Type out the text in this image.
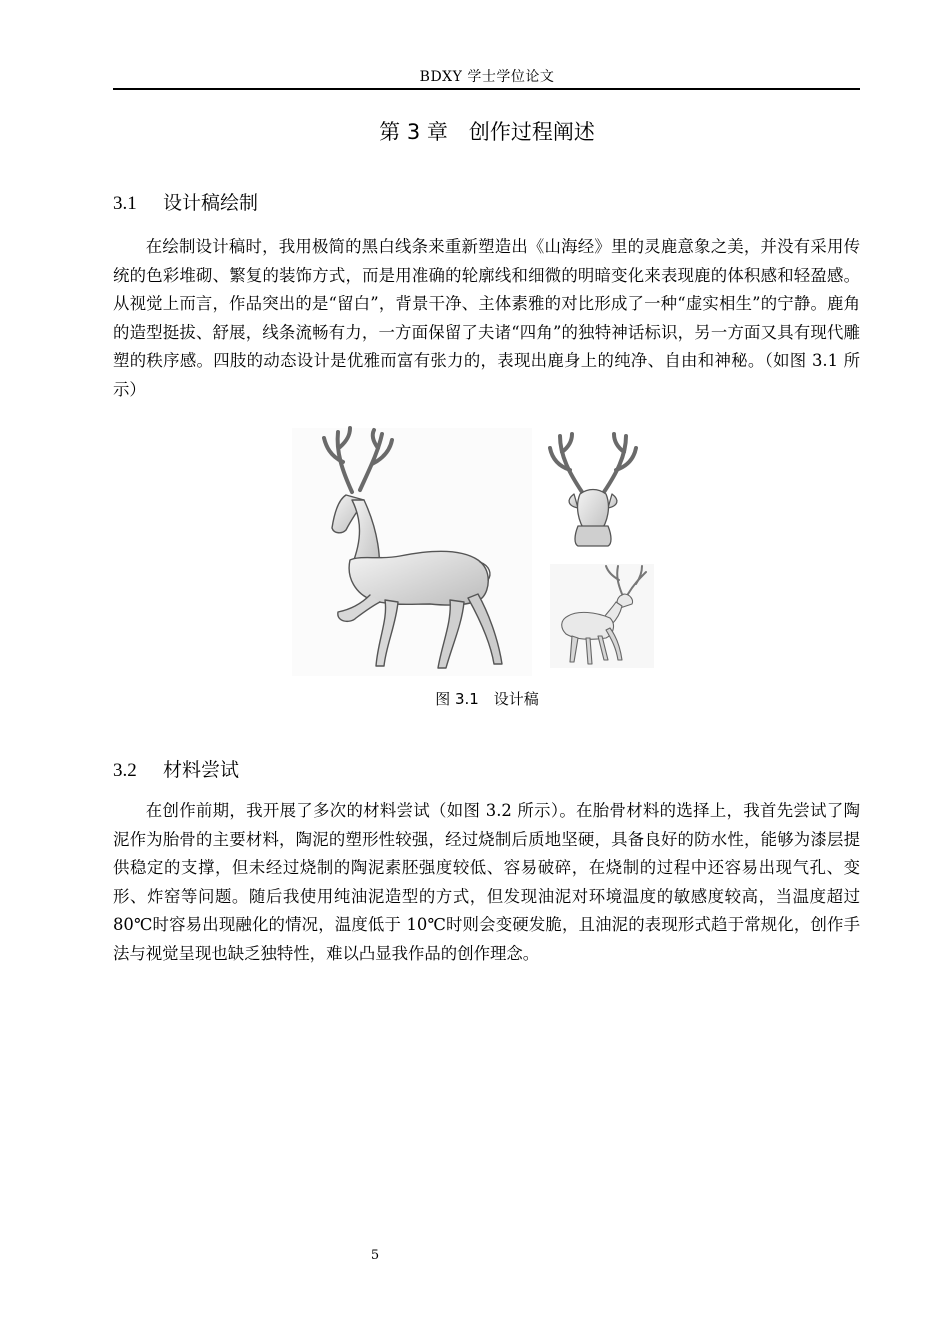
BDXY 学士学位论文
第 3 章　创作过程阐述
3.1 设计稿绘制

在绘制设计稿时，我用极简的黑白线条来重新塑造出《山海经》里的灵鹿意象之美，并没有采用传统的色彩堆砌、繁复的装饰方式，而是用准确的轮廓线和细微的明暗变化来表现鹿的体积感和轻盈感。从视觉上而言，作品突出的是“留白”，背景干净、主体素雅的对比形成了一种“虚实相生”的宁静。鹿角的造型挺拔、舒展，线条流畅有力，一方面保留了夫诸“四角”的独特神话标识，另一方面又具有现代雕塑的秩序感。四肢的动态设计是优雅而富有张力的，表现出鹿身上的纯净、自由和神秘。（如图 3.1 所示）

图 3.1　设计稿
3.2 材料尝试

在创作前期，我开展了多次的材料尝试（如图 3.2 所示）。在胎骨材料的选择上，我首先尝试了陶泥作为胎骨的主要材料，陶泥的塑形性较强，经过烧制后质地坚硬，具备良好的防水性，能够为漆层提供稳定的支撑，但未经过烧制的陶泥素胚强度较低、容易破碎，在烧制的过程中还容易出现气孔、变形、炸窑等问题。随后我使用纯油泥造型的方式，但发现油泥对环境温度的敏感度较高，当温度超过 80℃时容易出现融化的情况，温度低于 10℃时则会变硬发脆，且油泥的表现形式趋于常规化，创作手法与视觉呈现也缺乏独特性，难以凸显我作品的创作理念。

5
